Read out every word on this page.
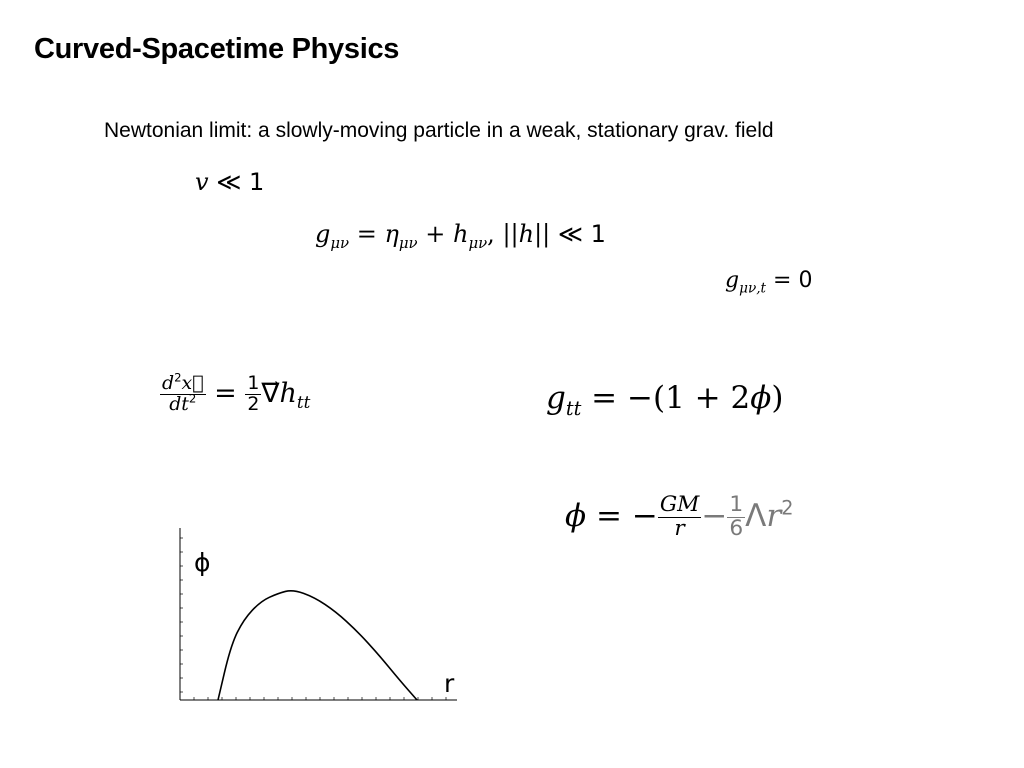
Curved-Spacetime Physics

Newtonian limit: a slowly-moving particle in a weak, stationary grav. field

v ≪ 1
$g_{\mu\nu} = \eta_{\mu\nu} + h_{\mu\nu}$, ||h|| ≪ 1
$g_{\mu\nu,t} = 0$
$\frac{d^2x⃗}{dt^2} = \frac{1}{2}$ $\nabla⃗h_{tt}$	$g_{tt} = -(1 + 2\phi)$
ϕ = − $\frac{GM}{r} - \frac{1}{6} \Lambda r^2$
ϕ
r
